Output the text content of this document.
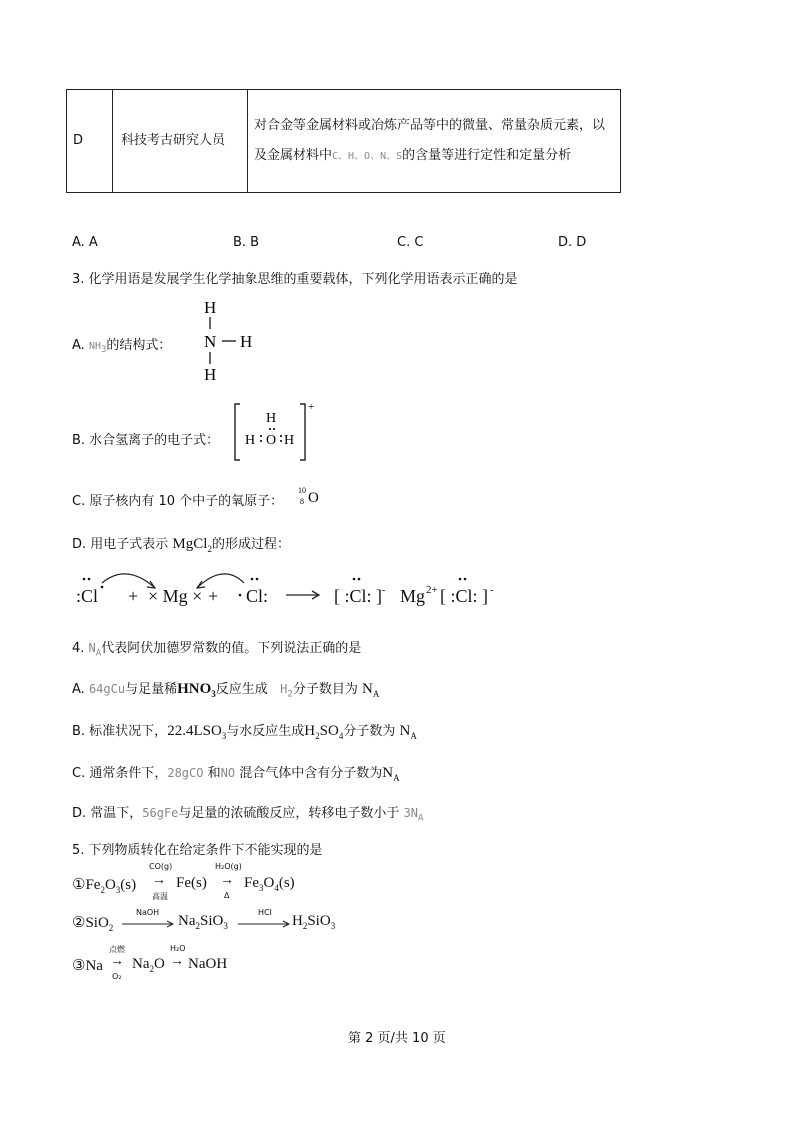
D	科技考古研究人员	对合金等金属材料或冶炼产品等中的微量、常量杂质元素，以及金属材料中C、H、O、N、S的含量等进行定性和定量分析
A. A	B. B	C. C	D. D
3. 化学用语是发展学生化学抽象思维的重要载体，下列化学用语表示正确的是
A. $NH_3$的结构式：
H
N H
H
B. 水合氢离子的电子式：
+
H
H O H
C. 原子核内有 10 个中子的氧原子：
10
8 O
D. 用电子式表示 MgCl$_2$的形成过程：
:Cl + × Mg × + Cl:	[ :Cl: ] - Mg 2+ [ :Cl: ] -
4. $N_A$代表阿伏加德罗常数的值。下列说法正确的是
A. 64gCu与足量稀$HNO_3$反应生成 $H_2$分子数目为 $N_A$
B. 标准状况下，$22.4LSO_3$与水反应生成$H_2SO_4$分子数为 $N_A$
C. 通常条件下，28gCO 和NO 混合气体中含有分子数为$N_A$
D. 常温下，56gFe与足量的浓硫酸反应，转移电子数小于 $3N_A$
5. 下列物质转化在给定条件下不能实现的是
$①Fe_2O_3(s)$
CO(g)
→
高温
Fe(s)
H₂O(g)
→
Δ
$Fe_3O_4(s)$
②SiO$_2$
NaOH
$Na_2SiO_3$
HCl
$H_2SiO_3$
③Na
点燃
→
O₂
$Na_2O$
H₂O
→ NaOH
第 2 页/共 10 页
